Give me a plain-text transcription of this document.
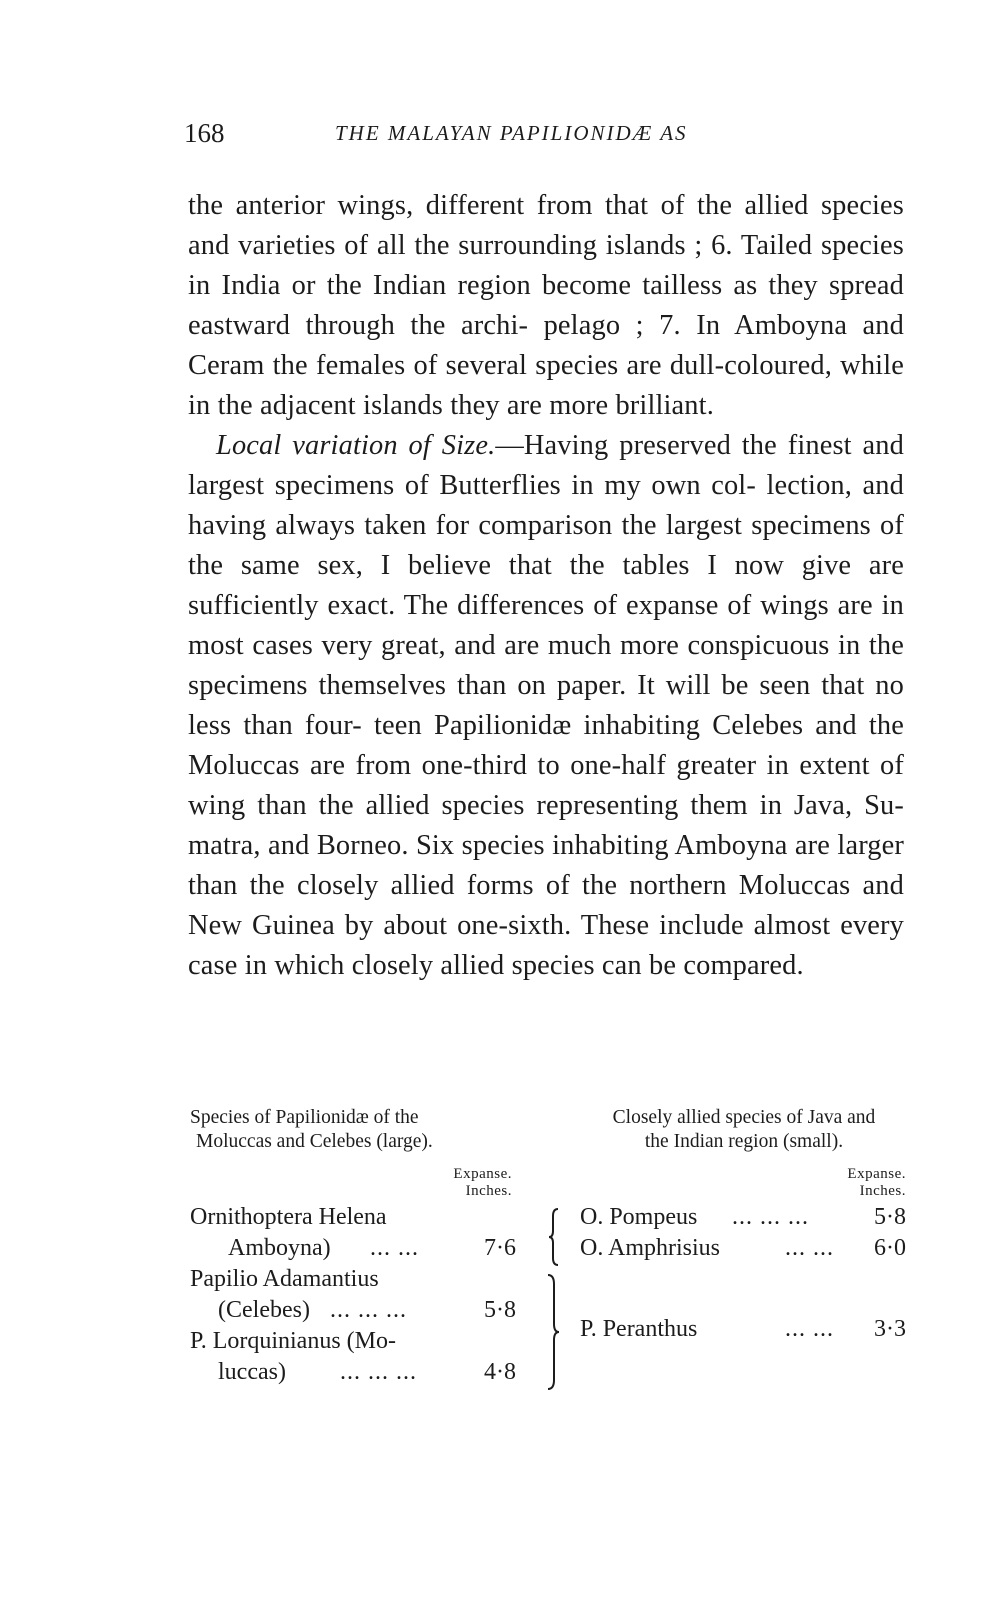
168	THE MALAYAN PAPILIONIDÆ AS

the anterior wings, different from that of the allied species and varieties of all the surrounding islands ; 6. Tailed species in India or the Indian region become tailless as they spread eastward through the archi- pelago ; 7. In Amboyna and Ceram the females of several species are dull-coloured, while in the adjacent islands they are more brilliant.

Local variation of Size.—Having preserved the finest and largest specimens of Butterflies in my own col- lection, and having always taken for comparison the largest specimens of the same sex, I believe that the tables I now give are sufficiently exact. The differences of expanse of wings are in most cases very great, and are much more conspicuous in the specimens themselves than on paper. It will be seen that no less than four- teen Papilionidæ inhabiting Celebes and the Moluccas are from one-third to one-half greater in extent of wing than the allied species representing them in Java, Su- matra, and Borneo. Six species inhabiting Amboyna are larger than the closely allied forms of the northern Moluccas and New Guinea by about one-sixth. These include almost every case in which closely allied species can be compared.

Species of Papilionidæ of the
Moluccas and Celebes (large).
Closely allied species of Java and
the Indian region (small).
Expanse.
Inches.
Expanse.
Inches.
Ornithoptera Helena
Amboyna) ... ...	7·6
Papilio Adamantius
(Celebes) ... ... ...	5·8
P. Lorquinianus (Mo-
luccas) ... ... ...	4·8
O. Pompeus ... ... ...	5·8
O. Amphrisius	... ... 6·0
P. Peranthus	... ... 3·3
